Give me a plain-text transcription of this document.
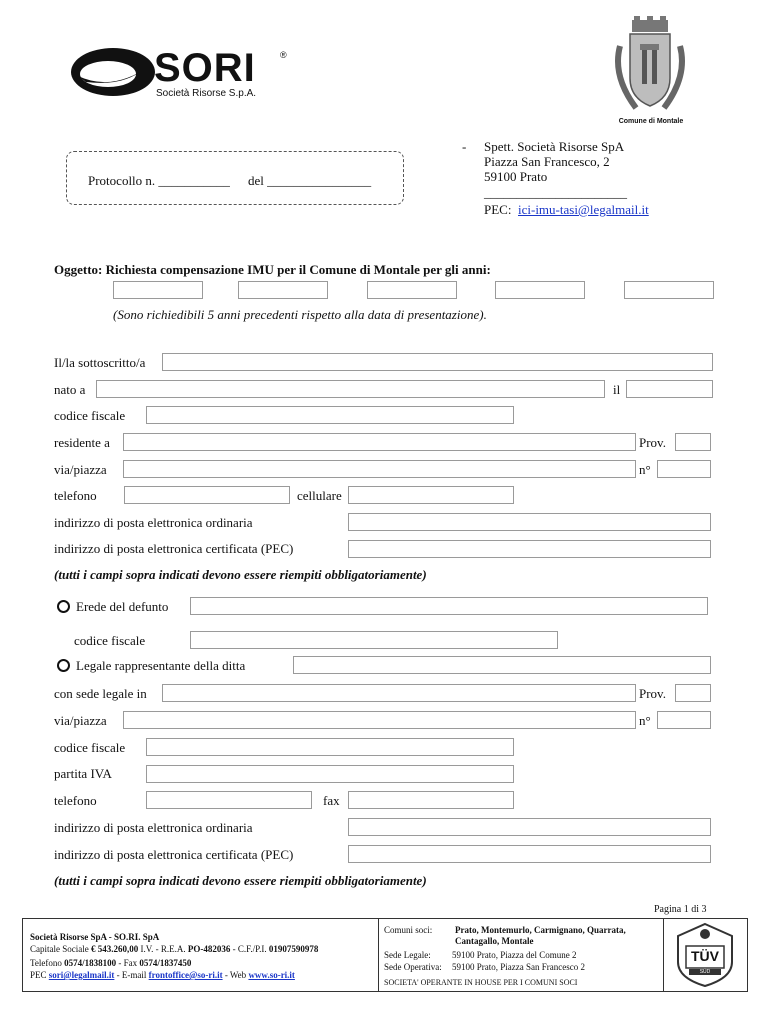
SORI	®
Società Risorse S.p.A.
Comune di Montale
Protocollo n. ___________ del ________________
- Spett. Società Risorse SpA
Piazza San Francesco, 2
59100 Prato
______________________
PEC: ici-imu-tasi@legalmail.it
Oggetto: Richiesta compensazione IMU per il Comune di Montale per gli anni:
(Sono richiedibili 5 anni precedenti rispetto alla data di presentazione).
Il/la sottoscritto/a
nato a	il
codice fiscale
residente a	Prov.
via/piazza	n°
telefono	cellulare
indirizzo di posta elettronica ordinaria
indirizzo di posta elettronica certificata (PEC)
(tutti i campi sopra indicati devono essere riempiti obbligatoriamente)
Erede del defunto
codice fiscale
Legale rappresentante della ditta
con sede legale in	Prov.
via/piazza	n°
codice fiscale
partita IVA
telefono	fax
indirizzo di posta elettronica ordinaria
indirizzo di posta elettronica certificata (PEC)
(tutti i campi sopra indicati devono essere riempiti obbligatoriamente)
Pagina 1 di 3
Società Risorse SpA - SO.RI. SpA
Capitale Sociale € 543.260,00 I.V. - R.E.A. PO-482036 - C.F./P.I. 01907590978
Telefono 0574/1838100 - Fax 0574/1837450
PEC sori@legalmail.it - E-mail frontoffice@so-ri.it - Web www.so-ri.it
Comuni soci:	Prato, Montemurlo, Carmignano, Quarrata,
Cantagallo, Montale
Sede Legale: 59100 Prato, Piazza del Comune 2
Sede Operativa: 59100 Prato, Piazza San Francesco 2
SOCIETA' OPERANTE IN HOUSE PER I COMUNI SOCI
TÜV
SÜD
